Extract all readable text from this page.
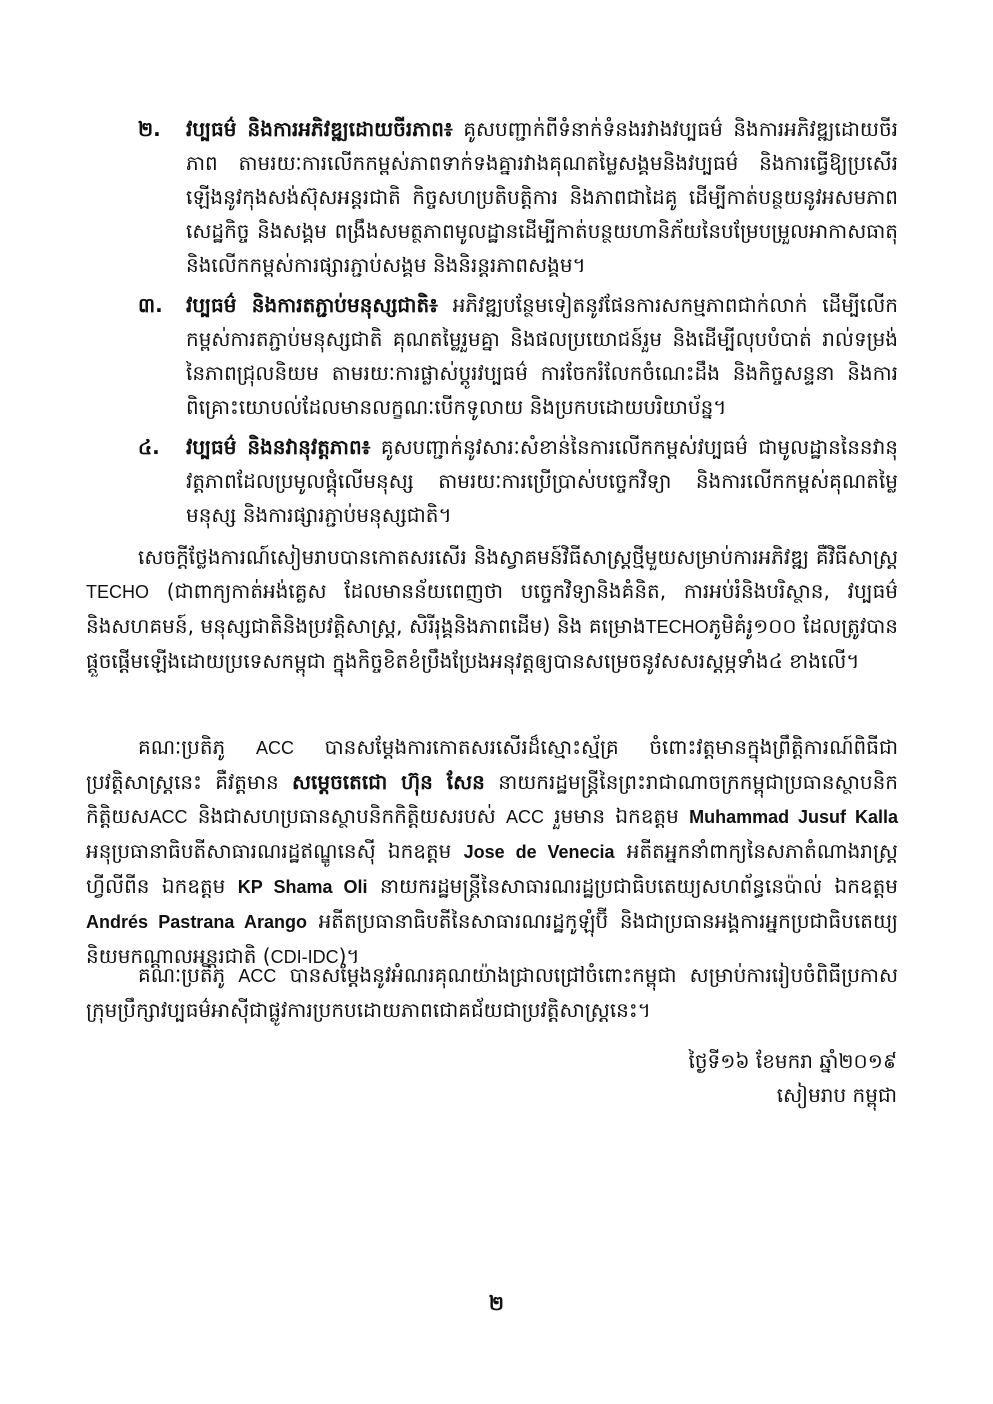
២.	វប្បធម៌ និងការអភិវឌ្ឍដោយចីរភាព៖ គូសបញ្ជាក់ពីទំនាក់ទំនងរវាងវប្បធម៌ និងការអភិវឌ្ឍដោយចីរភាព តាមរយៈការលើកកម្ពស់ភាពទាក់ទងគ្នារវាងគុណតម្លៃសង្គមនិងវប្បធម៌ និងការធ្វើឱ្យប្រសើរឡើងនូវកុងសង់ស៊ុសអន្តរជាតិ កិច្ចសហប្រតិបត្តិការ និងភាពជាដៃគូ ដើម្បីកាត់បន្ថយនូវអសមភាពសេដ្ឋកិច្ច និងសង្គម ពង្រឹងសមត្ថភាពមូលដ្ឋានដើម្បីកាត់បន្ថយហានិភ័យនៃបម្រែបម្រួលអាកាសធាតុ និងលើកកម្ពស់ការផ្សារភ្ជាប់សង្គម និងនិរន្តរភាពសង្គម។
៣.	វប្បធម៌ និងការតភ្ជាប់មនុស្សជាតិ៖ អភិវឌ្ឍបន្ថែមទៀតនូវផែនការសកម្មភាពជាក់លាក់ ដើម្បីលើកកម្ពស់ការតភ្ជាប់មនុស្សជាតិ គុណតម្លៃរួមគ្នា និងផលប្រយោជន៍រួម និងដើម្បីលុបបំបាត់ រាល់ទម្រង់នៃភាពជ្រុលនិយម តាមរយៈការផ្លាស់ប្តូរវប្បធម៌ ការចែករំលែកចំណេះដឹង និងកិច្ចសន្ទនា និងការពិគ្រោះយោបល់ដែលមានលក្ខណៈបើកទូលាយ និងប្រកបដោយបរិយាប័ន្ន។
៤.	វប្បធម៌ និងនវានុវត្តភាព៖ គូសបញ្ជាក់នូវសារៈសំខាន់នៃការលើកកម្ពស់វប្បធម៌ ជាមូលដ្ឋាននៃនវានុវត្តភាពដែលប្រមូលផ្តុំលើមនុស្ស តាមរយៈការប្រើប្រាស់បច្ចេកវិទ្យា និងការលើកកម្ពស់គុណតម្លៃមនុស្ស និងការផ្សារភ្ជាប់មនុស្សជាតិ។
សេចក្តីថ្លែងការណ៍សៀមរាបបានកោតសរសើរ និងស្វាគមន៍វិធីសាស្ត្រថ្មីមួយសម្រាប់ការអភិវឌ្ឍ គឺវិធីសាស្ត្រ TECHO (ជាពាក្យកាត់អង់គ្លេស ដែលមានន័យពេញថា បច្ចេកវិទ្យានិងគំនិត, ការអប់រំនិងបរិស្ថាន, វប្បធម៌និងសហគមន៍, មនុស្សជាតិនិងប្រវត្តិសាស្ត្រ, សិរីរុង្គនិងភាពដើម) និង គម្រោងTECHOភូមិគំរូ១០០ ដែលត្រូវបានផ្តួចផ្តើមឡើងដោយប្រទេសកម្ពុជា ក្នុងកិច្ចខិតខំប្រឹងប្រែងអនុវត្តឲ្យបានសម្រេចនូវសសរស្តម្ភទាំង៤ ខាងលើ។
គណៈប្រតិភូ ACC បានសម្តែងការកោតសរសើរដ៏ស្មោះស្ម័គ្រ ចំពោះវត្តមានក្នុងព្រឹត្តិការណ៍ពិធីជាប្រវត្តិសាស្ត្រនេះ គឺវត្តមាន សម្តេចតេជោ ហ៊ុន សែន នាយករដ្ឋមន្ត្រីនៃព្រះរាជាណាចក្រកម្ពុជាប្រធានស្ថាបនិកកិត្តិយសACC និងជាសហប្រធានស្ថាបនិកកិត្តិយសរបស់ ACC រួមមាន ឯកឧត្តម Muhammad Jusuf Kalla អនុប្រធានាធិបតីសាធារណរដ្ឋឥណ្ឌូនេស៊ី ឯកឧត្តម Jose de Venecia អតីតអ្នកនាំពាក្យនៃសភាតំណាងរាស្ត្រហ្វីលីពីន ឯកឧត្តម KP Shama Oli នាយករដ្ឋមន្ត្រីនៃសាធារណរដ្ឋប្រជាធិបតេយ្យសហព័ន្ធនេប៉ាល់ ឯកឧត្តម Andrés Pastrana Arango អតីតប្រធានាធិបតីនៃសាធារណរដ្ឋកូឡុំប៊ី និងជាប្រធានអង្គការអ្នកប្រជាធិបតេយ្យនិយមកណ្តាលអន្តរជាតិ (CDI-IDC)។
គណៈប្រតិភូ ACC បានសម្តែងនូវអំណរគុណយ៉ាងជ្រាលជ្រៅចំពោះកម្ពុជា សម្រាប់ការរៀបចំពិធីប្រកាសក្រុមប្រឹក្សាវប្បធម៌អាស៊ីជាផ្លូវការប្រកបដោយភាពជោគជ័យជាប្រវត្តិសាស្ត្រនេះ។
ថ្ងៃទី១៦ ខែមករា ឆ្នាំ២០១៩
សៀមរាប កម្ពុជា
២
